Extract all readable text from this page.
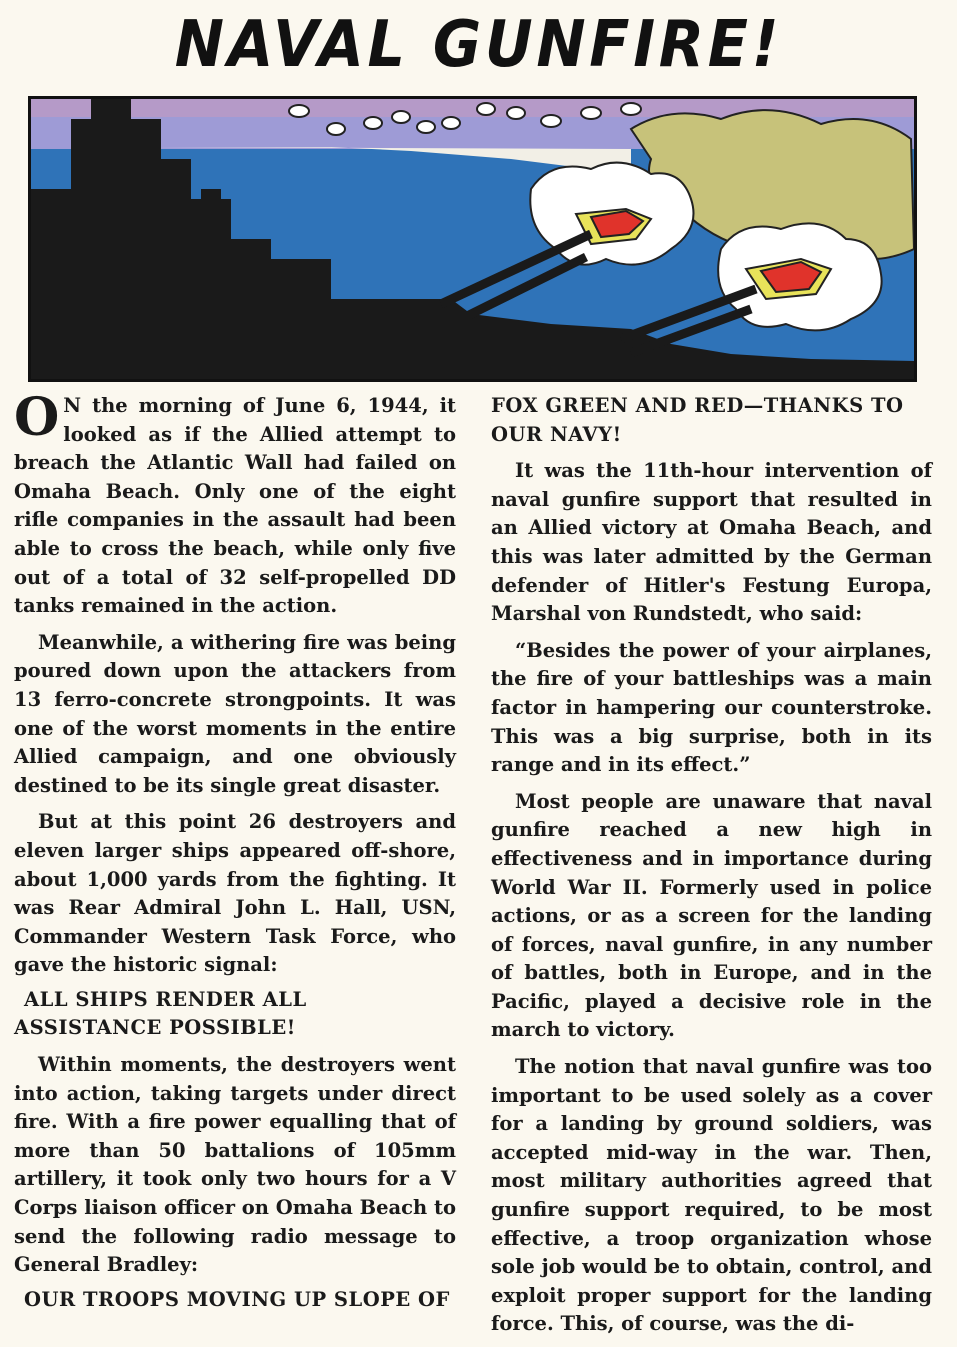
NAVAL GUNFIRE!

O N the morning of June 6, 1944, it looked as if the Allied attempt to breach the Atlantic Wall had failed on Omaha Beach. Only one of the eight rifle companies in the assault had been able to cross the beach, while only five out of a total of 32 self-propelled DD tanks remained in the action.

Meanwhile, a withering fire was being poured down upon the attackers from 13 ferro-concrete strongpoints. It was one of the worst moments in the entire Allied campaign, and one obviously destined to be its single great disaster.

But at this point 26 destroyers and eleven larger ships appeared off-shore, about 1,000 yards from the fighting. It was Rear Admiral John L. Hall, USN, Commander Western Task Force, who gave the historic signal:

ALL SHIPS RENDER ALL ASSISTANCE POSSIBLE!

Within moments, the destroyers went into action, taking targets under direct fire. With a fire power equalling that of more than 50 battalions of 105mm artillery, it took only two hours for a V Corps liaison officer on Omaha Beach to send the following radio message to General Bradley:

OUR TROOPS MOVING UP SLOPE OF

FOX GREEN AND RED—THANKS TO OUR NAVY!

It was the 11th-hour intervention of naval gunfire support that resulted in an Allied victory at Omaha Beach, and this was later admitted by the German defender of Hitler's Festung Europa, Marshal von Rundstedt, who said:

“Besides the power of your airplanes, the fire of your battleships was a main factor in hampering our counterstroke. This was a big surprise, both in its range and in its effect.”

Most people are unaware that naval gunfire reached a new high in effectiveness and in importance during World War II. Formerly used in police actions, or as a screen for the landing of forces, naval gunfire, in any number of battles, both in Europe, and in the Pacific, played a decisive role in the march to victory.

The notion that naval gunfire was too important to be used solely as a cover for a landing by ground soldiers, was accepted mid-way in the war. Then, most military authorities agreed that gunfire support required, to be most effective, a troop organization whose sole job would be to obtain, control, and exploit proper support for the landing force. This, of course, was the di-
